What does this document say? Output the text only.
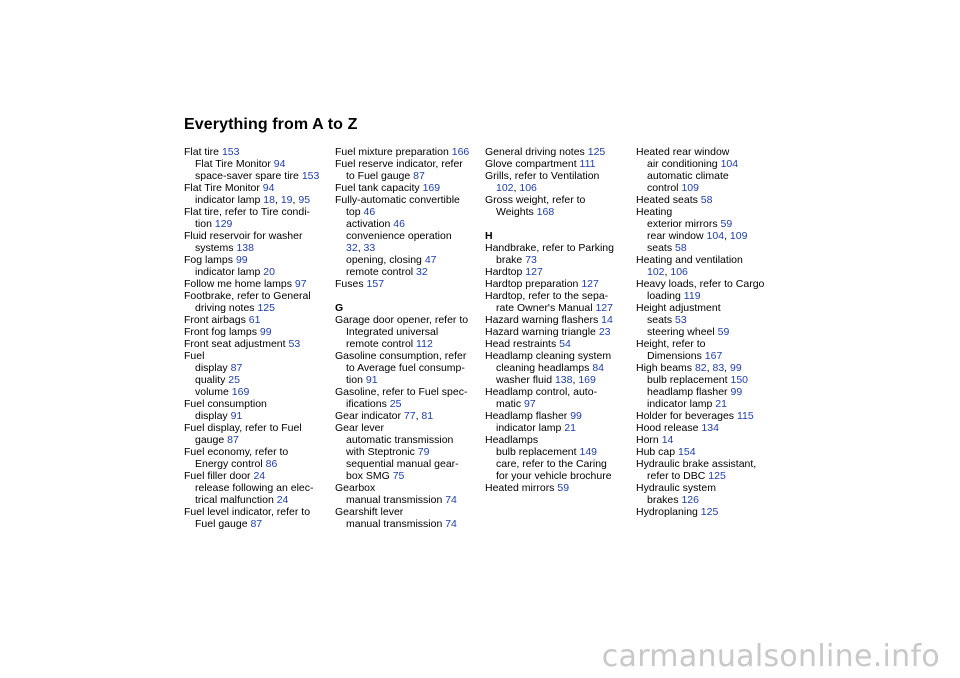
Everything from A to Z
Flat tire 153
Flat Tire Monitor 94
space-saver spare tire 153
Flat Tire Monitor 94
indicator lamp 18, 19, 95
Flat tire, refer to Tire condi-
tion 129
Fluid reservoir for washer
systems 138
Fog lamps 99
indicator lamp 20
Follow me home lamps 97
Footbrake, refer to General
driving notes 125
Front airbags 61
Front fog lamps 99
Front seat adjustment 53
Fuel
display 87
quality 25
volume 169
Fuel consumption
display 91
Fuel display, refer to Fuel
gauge 87
Fuel economy, refer to
Energy control 86
Fuel filler door 24
release following an elec-
trical malfunction 24
Fuel level indicator, refer to
Fuel gauge 87
Fuel mixture preparation 166
Fuel reserve indicator, refer
to Fuel gauge 87
Fuel tank capacity 169
Fully-automatic convertible
top 46
activation 46
convenience operation
32, 33
opening, closing 47
remote control 32
Fuses 157
G
Garage door opener, refer to
Integrated universal
remote control 112
Gasoline consumption, refer
to Average fuel consump-
tion 91
Gasoline, refer to Fuel spec-
ifications 25
Gear indicator 77, 81
Gear lever
automatic transmission
with Steptronic 79
sequential manual gear-
box SMG 75
Gearbox
manual transmission 74
Gearshift lever
manual transmission 74
General driving notes 125
Glove compartment 111
Grills, refer to Ventilation
102, 106
Gross weight, refer to
Weights 168
H
Handbrake, refer to Parking
brake 73
Hardtop 127
Hardtop preparation 127
Hardtop, refer to the sepa-
rate Owner's Manual 127
Hazard warning flashers 14
Hazard warning triangle 23
Head restraints 54
Headlamp cleaning system
cleaning headlamps 84
washer fluid 138, 169
Headlamp control, auto-
matic 97
Headlamp flasher 99
indicator lamp 21
Headlamps
bulb replacement 149
care, refer to the Caring
for your vehicle brochure
Heated mirrors 59
Heated rear window
air conditioning 104
automatic climate
control 109
Heated seats 58
Heating
exterior mirrors 59
rear window 104, 109
seats 58
Heating and ventilation
102, 106
Heavy loads, refer to Cargo
loading 119
Height adjustment
seats 53
steering wheel 59
Height, refer to
Dimensions 167
High beams 82, 83, 99
bulb replacement 150
headlamp flasher 99
indicator lamp 21
Holder for beverages 115
Hood release 134
Horn 14
Hub cap 154
Hydraulic brake assistant,
refer to DBC 125
Hydraulic system
brakes 126
Hydroplaning 125
carmanualsonline.info
